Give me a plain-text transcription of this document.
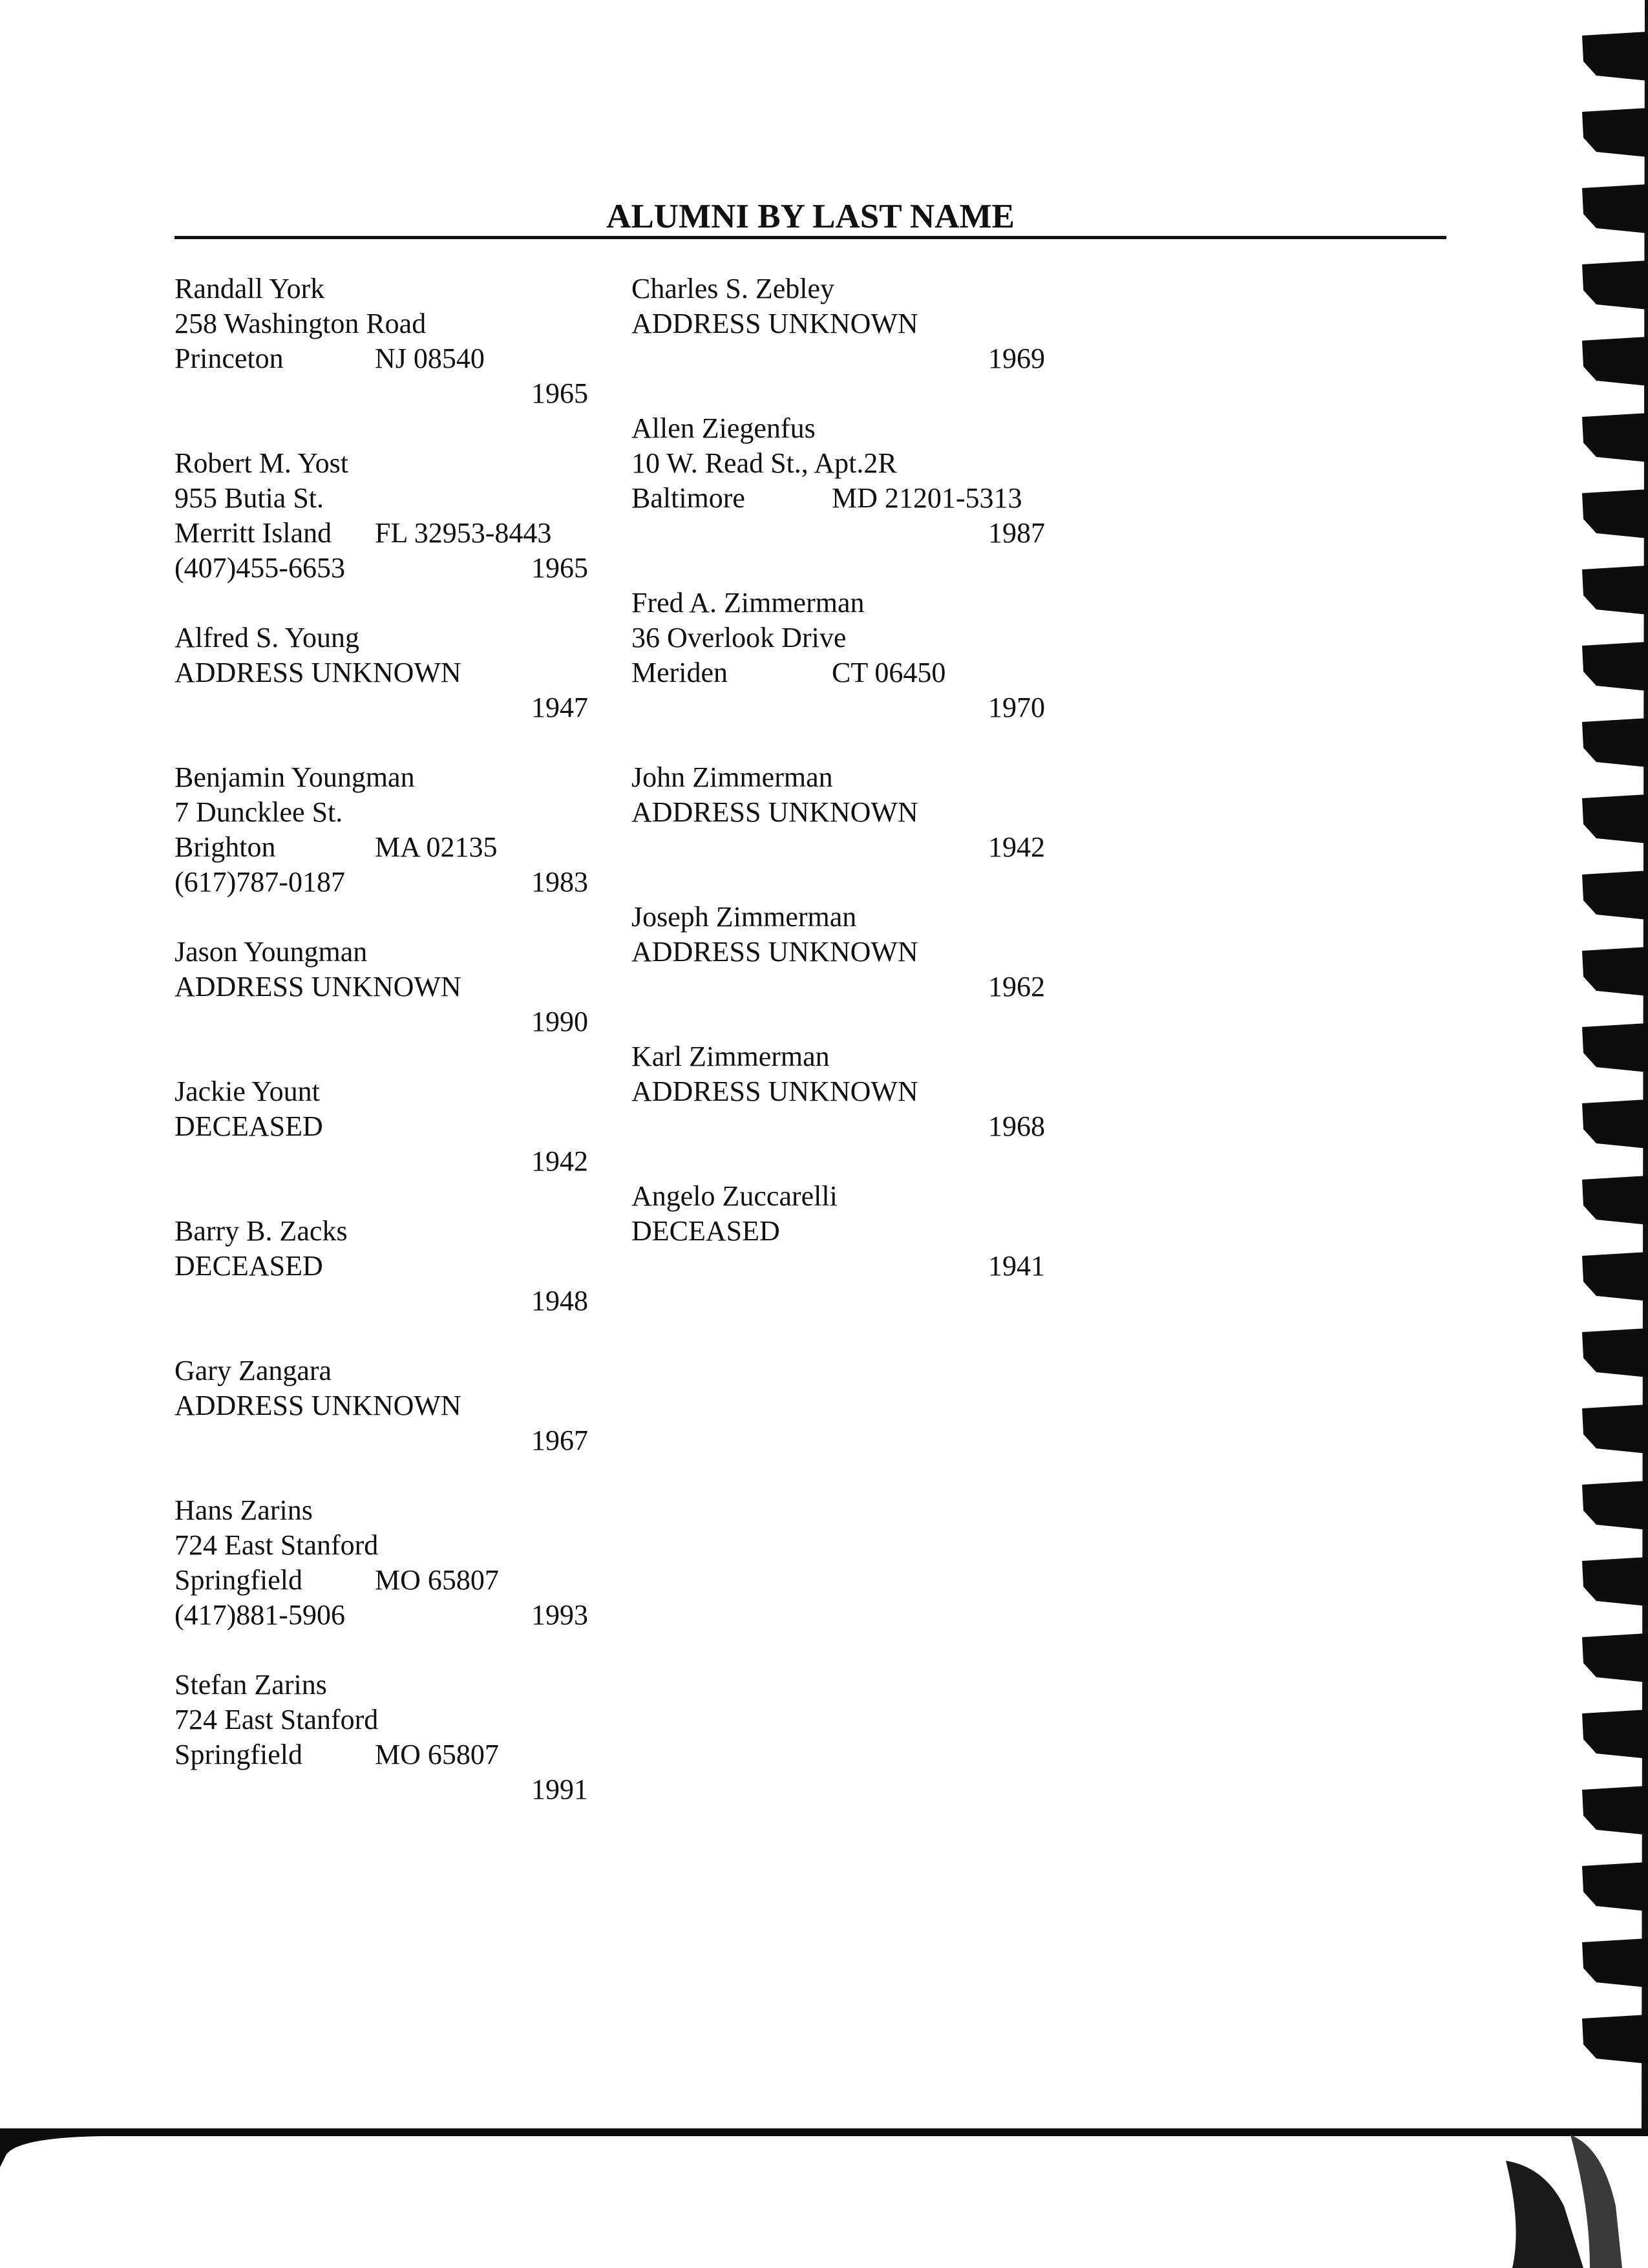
ALUMNI BY LAST NAME
Randall York
258 Washington Road
Princeton	NJ 08540
1965
Robert M. Yost
955 Butia St.
Merritt Island FL 32953-8443
(407)455-6653	1965
Alfred S. Young
ADDRESS UNKNOWN
1947
Benjamin Youngman
7 Duncklee St.
Brighton	MA 02135
(617)787-0187	1983
Jason Youngman
ADDRESS UNKNOWN
1990
Jackie Yount
DECEASED
1942
Barry B. Zacks
DECEASED
1948
Gary Zangara
ADDRESS UNKNOWN
1967
Hans Zarins
724 East Stanford
Springfield	MO 65807
(417)881-5906	1993
Stefan Zarins
724 East Stanford
Springfield	MO 65807
1991
Charles S. Zebley
ADDRESS UNKNOWN
1969
Allen Ziegenfus
10 W. Read St., Apt.2R
Baltimore	MD 21201-5313
1987
Fred A. Zimmerman
36 Overlook Drive
Meriden	CT 06450
1970
John Zimmerman
ADDRESS UNKNOWN
1942
Joseph Zimmerman
ADDRESS UNKNOWN
1962
Karl Zimmerman
ADDRESS UNKNOWN
1968
Angelo Zuccarelli
DECEASED
1941
